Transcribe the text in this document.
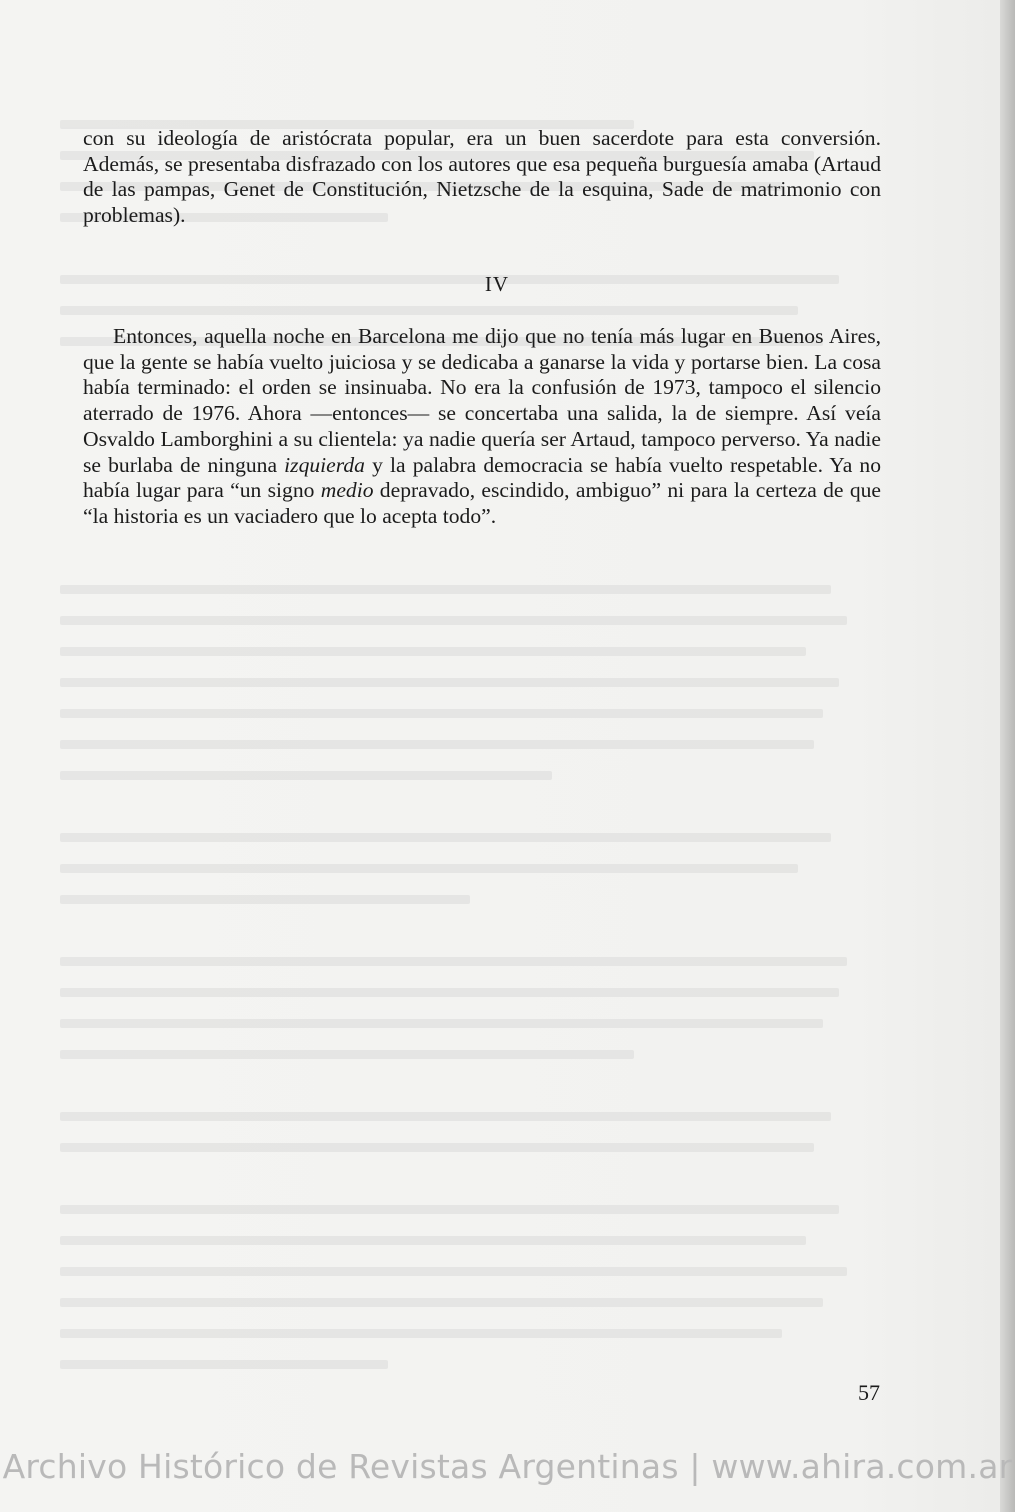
con su ideología de aristócrata popular, era un buen sacerdote para esta conversión. Además, se presentaba disfrazado con los autores que esa pequeña burguesía amaba (Artaud de las pampas, Genet de Constitución, Nietzsche de la esquina, Sade de matrimonio con problemas).

IV

Entonces, aquella noche en Barcelona me dijo que no tenía más lugar en Buenos Aires, que la gente se había vuelto juiciosa y se dedicaba a ganarse la vida y portarse bien. La cosa había terminado: el orden se insinuaba. No era la confusión de 1973, tampoco el silencio aterrado de 1976. Ahora —entonces— se concertaba una salida, la de siempre. Así veía Osvaldo Lamborghini a su clientela: ya nadie quería ser Artaud, tampoco perverso. Ya nadie se burlaba de ninguna izquierda y la palabra democracia se había vuelto respetable. Ya no había lugar para “un signo medio depravado, escindido, ambiguo” ni para la certeza de que “la historia es un vaciadero que lo acepta todo”.

57
Archivo Histórico de Revistas Argentinas | www.ahira.com.ar
